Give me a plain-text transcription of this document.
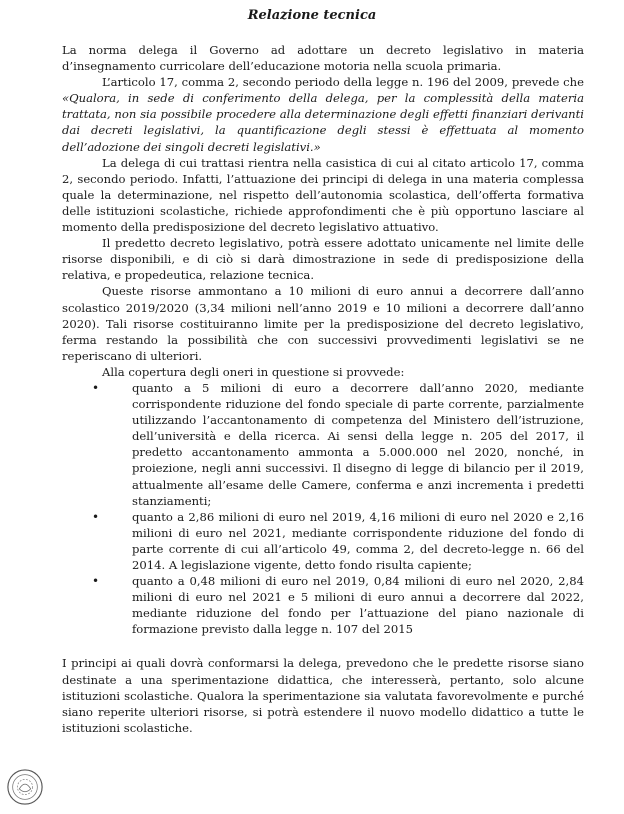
Relazione tecnica

La norma delega il Governo ad adottare un decreto legislativo in materia d’insegnamento curricolare dell’educazione motoria nella scuola primaria.

L’articolo 17, comma 2, secondo periodo della legge n. 196 del 2009, prevede che «Qualora, in sede di conferimento della delega, per la complessità della materia trattata, non sia possibile procedere alla determinazione degli effetti finanziari derivanti dai decreti legislativi, la quantificazione degli stessi è effettuata al momento dell’adozione dei singoli decreti legislativi.»

La delega di cui trattasi rientra nella casistica di cui al citato articolo 17, comma 2, secondo periodo. Infatti, l’attuazione dei principi di delega in una materia complessa quale la determinazione, nel rispetto dell’autonomia scolastica, dell’offerta formativa delle istituzioni scolastiche, richiede approfondimenti che è più opportuno lasciare al momento della predisposizione del decreto legislativo attuativo.

Il predetto decreto legislativo, potrà essere adottato unicamente nel limite delle risorse disponibili, e di ciò si darà dimostrazione in sede di predisposizione della relativa, e propedeutica, relazione tecnica.

Queste risorse ammontano a 10 milioni di euro annui a decorrere dall’anno scolastico 2019/2020 (3,34 milioni nell’anno 2019 e 10 milioni a decorrere dall’anno 2020). Tali risorse costituiranno limite per la predisposizione del decreto legislativo, ferma restando la possibilità che con successivi provvedimenti legislativi se ne reperiscano di ulteriori.

Alla copertura degli oneri in questione si provvede:

•	quanto a 5 milioni di euro a decorrere dall’anno 2020, mediante corrispondente riduzione del fondo speciale di parte corrente, parzialmente utilizzando l’accantonamento di competenza del Ministero dell’istruzione, dell’università e della ricerca. Ai sensi della legge n. 205 del 2017, il predetto accantonamento ammonta a 5.000.000 nel 2020, nonché, in proiezione, negli anni successivi. Il disegno di legge di bilancio per il 2019, attualmente all’esame delle Camere, conferma e anzi incrementa i predetti stanziamenti;
•	quanto a 2,86 milioni di euro nel 2019, 4,16 milioni di euro nel 2020 e 2,16 milioni di euro nel 2021, mediante corrispondente riduzione del fondo di parte corrente di cui all’articolo 49, comma 2, del decreto-legge n. 66 del 2014. A legislazione vigente, detto fondo risulta capiente;
•	quanto a 0,48 milioni di euro nel 2019, 0,84 milioni di euro nel 2020, 2,84 milioni di euro nel 2021 e 5 milioni di euro annui a decorrere dal 2022, mediante riduzione del fondo per l’attuazione del piano nazionale di formazione previsto dalla legge n. 107 del 2015

I principi ai quali dovrà conformarsi la delega, prevedono che le predette risorse siano destinate a una sperimentazione didattica, che interesserà, pertanto, solo alcune istituzioni scolastiche. Qualora la sperimentazione sia valutata favorevolmente e purché siano reperite ulteriori risorse, si potrà estendere il nuovo modello didattico a tutte le istituzioni scolastiche.
